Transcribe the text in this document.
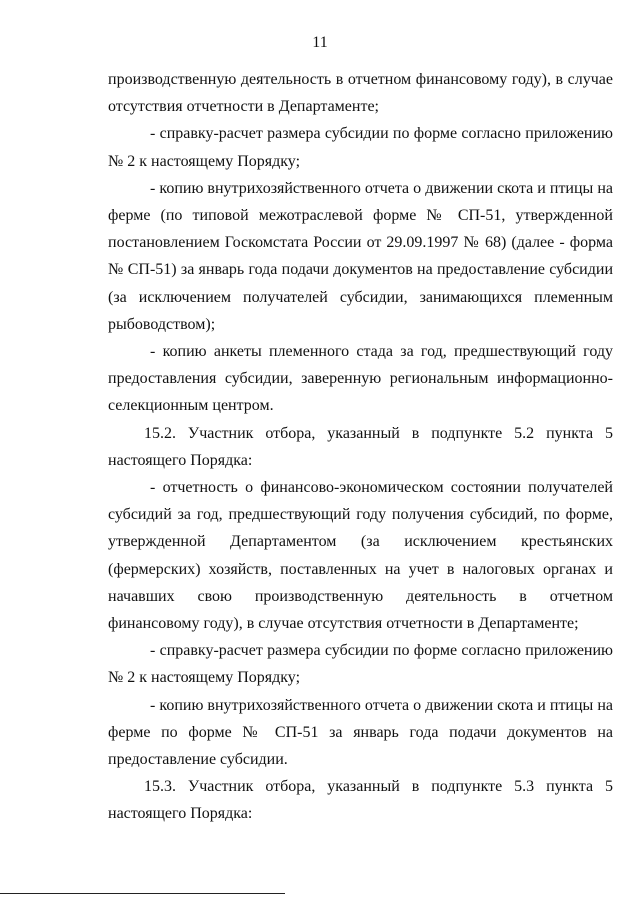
11

производственную деятельность в отчетном финансовому году), в случае отсутствия отчетности в Департаменте;

- справку-расчет размера субсидии по форме согласно приложению № 2 к настоящему Порядку;

- копию внутрихозяйственного отчета о движении скота и птицы на ферме (по типовой межотраслевой форме № СП-51, утвержденной постановлением Госкомстата России от 29.09.1997 № 68) (далее - форма № СП-51) за январь года подачи документов на предоставление субсидии (за исключением получателей субсидии, занимающихся племенным рыбоводством);

- копию анкеты племенного стада за год, предшествующий году предоставления субсидии, заверенную региональным информационно-селекционным центром.

15.2. Участник отбора, указанный в подпункте 5.2 пункта 5 настоящего Порядка:

- отчетность о финансово-экономическом состоянии получателей субсидий за год, предшествующий году получения субсидий, по форме, утвержденной Департаментом (за исключением крестьянских (фермерских) хозяйств, поставленных на учет в налоговых органах и начавших свою производственную деятельность в отчетном финансовому году), в случае отсутствия отчетности в Департаменте;

- справку-расчет размера субсидии по форме согласно приложению № 2 к настоящему Порядку;

- копию внутрихозяйственного отчета о движении скота и птицы на ферме по форме № СП-51 за январь года подачи документов на предоставление субсидии.

15.3. Участник отбора, указанный в подпункте 5.3 пункта 5 настоящего Порядка:
